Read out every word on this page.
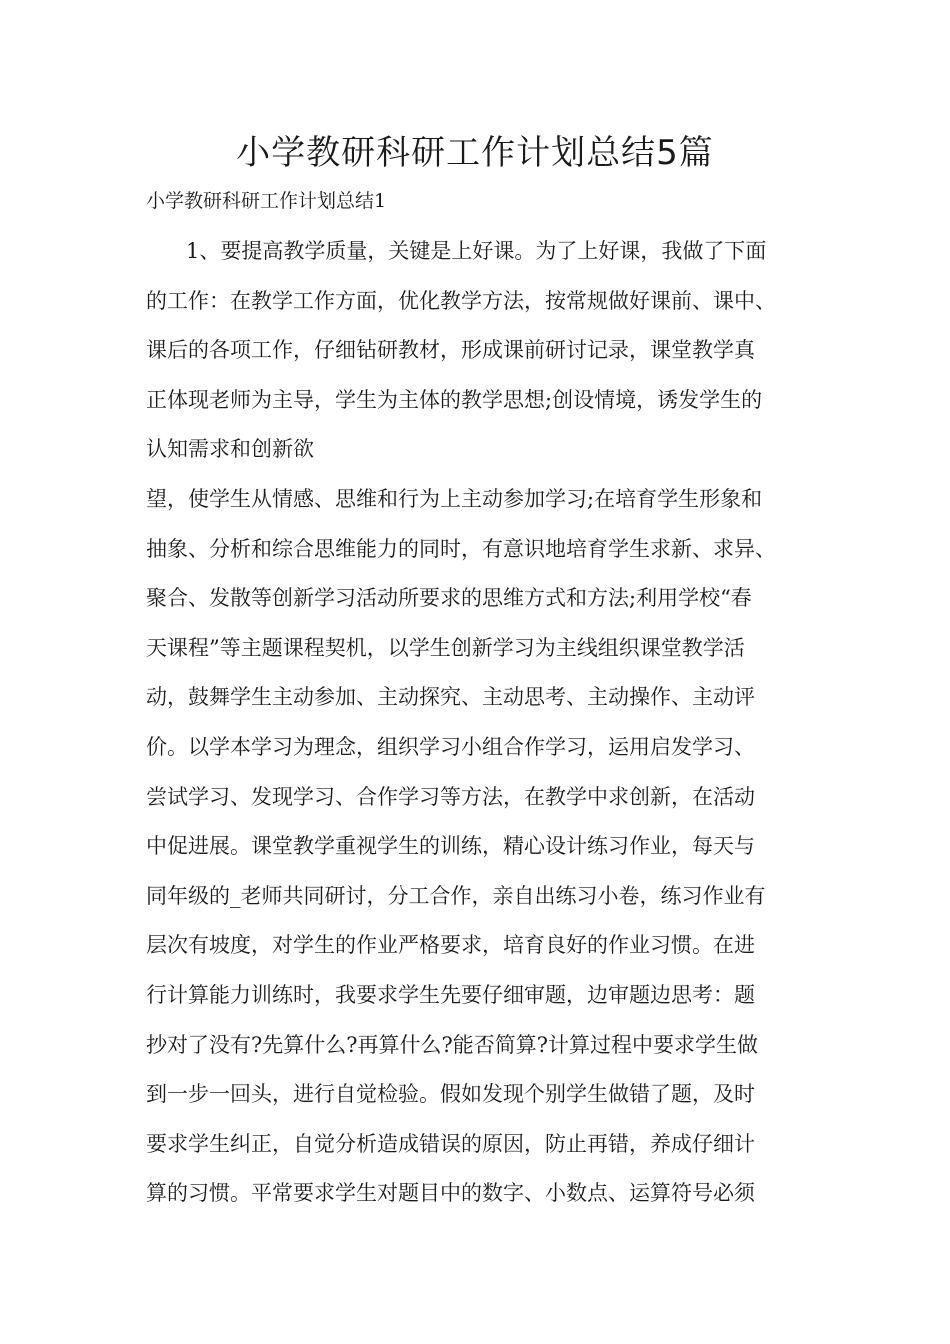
小学教研科研工作计划总结5篇

小学教研科研工作计划总结1

1、要提高教学质量，关键是上好课。为了上好课，我做了下面
的工作：在教学工作方面，优化教学方法，按常规做好课前、课中、
课后的各项工作，仔细钻研教材，形成课前研讨记录，课堂教学真
正体现老师为主导，学生为主体的教学思想;创设情境，诱发学生的
认知需求和创新欲
望，使学生从情感、思维和行为上主动参加学习;在培育学生形象和
抽象、分析和综合思维能力的同时，有意识地培育学生求新、求异、
聚合、发散等创新学习活动所要求的思维方式和方法;利用学校“春
天课程”等主题课程契机，以学生创新学习为主线组织课堂教学活
动，鼓舞学生主动参加、主动探究、主动思考、主动操作、主动评
价。以学本学习为理念，组织学习小组合作学习，运用启发学习、
尝试学习、发现学习、合作学习等方法，在教学中求创新，在活动
中促进展。课堂教学重视学生的训练，精心设计练习作业，每天与
同年级的_老师共同研讨，分工合作，亲自出练习小卷，练习作业有
层次有坡度，对学生的作业严格要求，培育良好的作业习惯。在进
行计算能力训练时，我要求学生先要仔细审题，边审题边思考：题
抄对了没有?先算什么?再算什么?能否简算?计算过程中要求学生做
到一步一回头，进行自觉检验。假如发现个别学生做错了题，及时
要求学生纠正，自觉分析造成错误的原因，防止再错，养成仔细计
算的习惯。平常要求学生对题目中的数字、小数点、运算符号必须
